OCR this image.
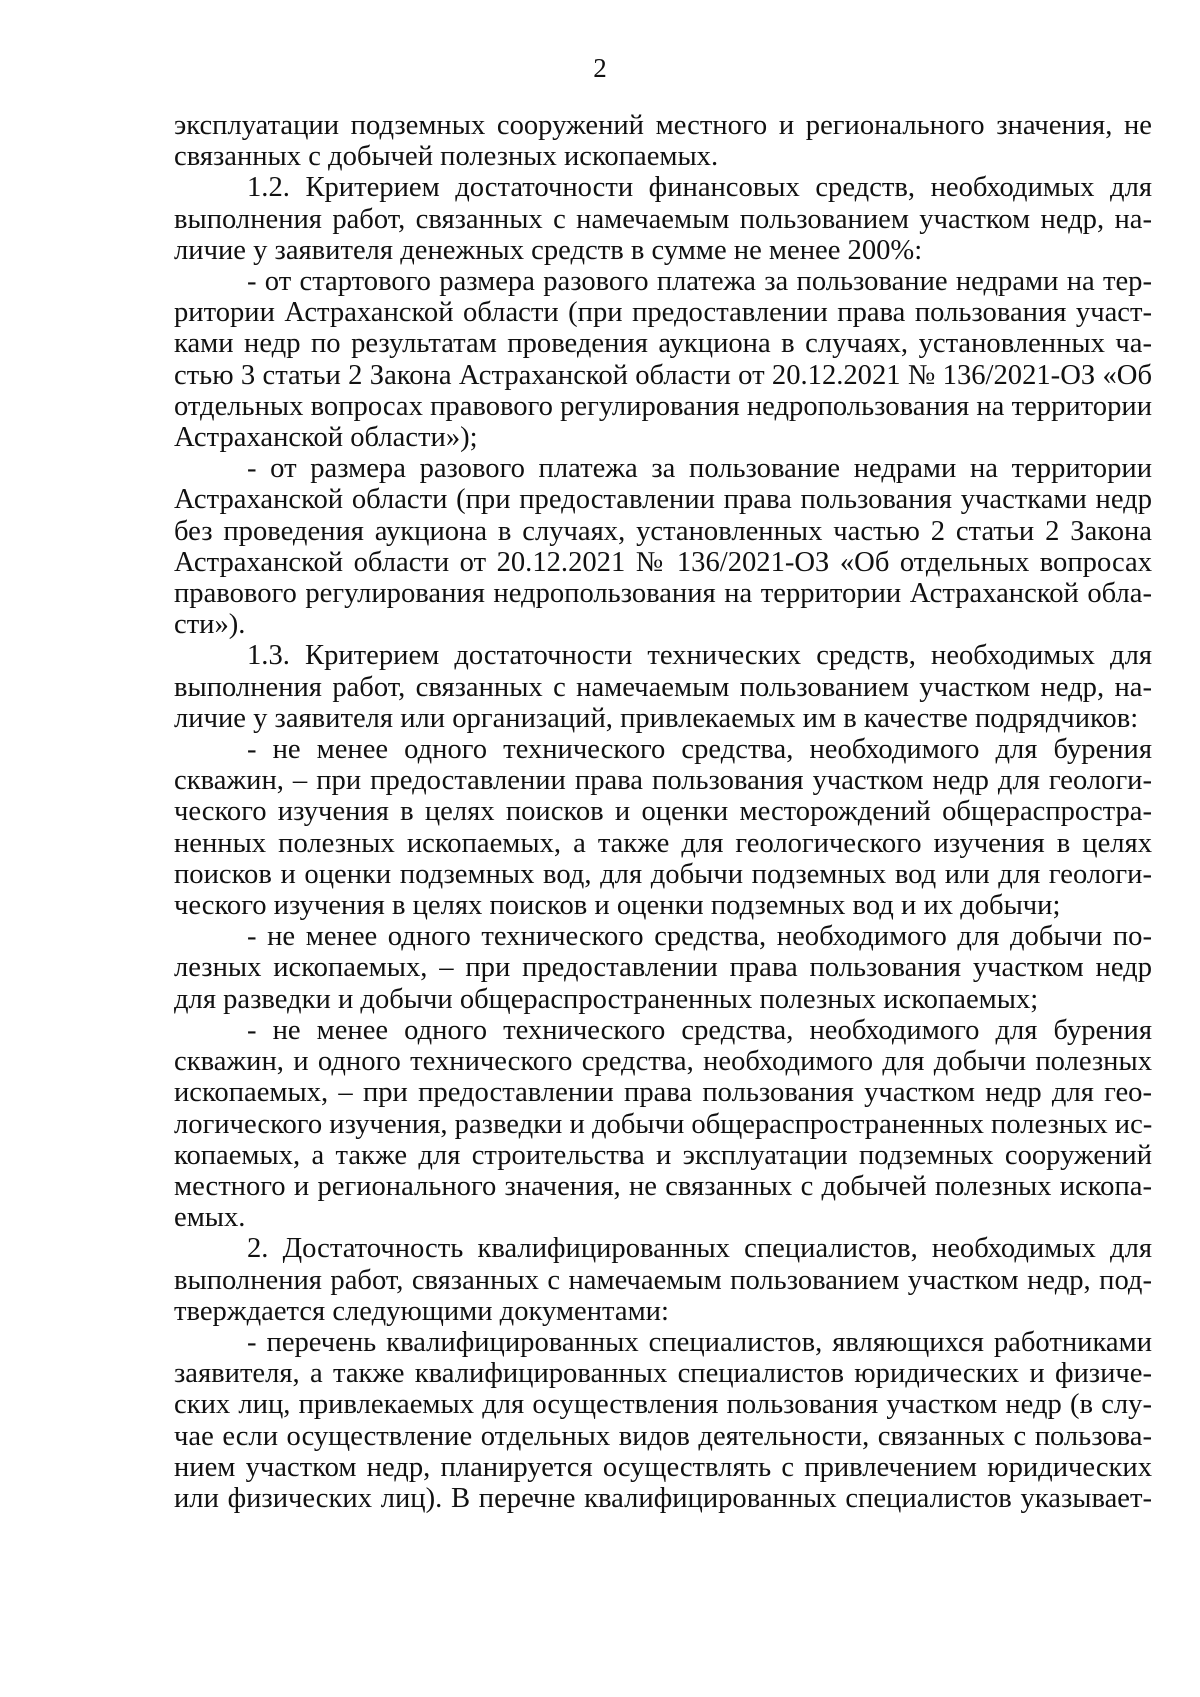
2
эксплуатации подземных сооружений местного и регионального значения, не
связанных с добычей полезных ископаемых.
1.2. Критерием достаточности финансовых средств, необходимых для
выполнения работ, связанных с намечаемым пользованием участком недр, на-
личие у заявителя денежных средств в сумме не менее 200%:
- от стартового размера разового платежа за пользование недрами на тер-
ритории Астраханской области (при предоставлении права пользования участ-
ками недр по результатам проведения аукциона в случаях, установленных ча-
стью 3 статьи 2 Закона Астраханской области от 20.12.2021 № 136/2021-ОЗ «Об
отдельных вопросах правового регулирования недропользования на территории
Астраханской области»);
- от размера разового платежа за пользование недрами на территории
Астраханской области (при предоставлении права пользования участками недр
без проведения аукциона в случаях, установленных частью 2 статьи 2 Закона
Астраханской области от 20.12.2021 № 136/2021-ОЗ «Об отдельных вопросах
правового регулирования недропользования на территории Астраханской обла-
сти»).
1.3. Критерием достаточности технических средств, необходимых для
выполнения работ, связанных с намечаемым пользованием участком недр, на-
личие у заявителя или организаций, привлекаемых им в качестве подрядчиков:
- не менее одного технического средства, необходимого для бурения
скважин, – при предоставлении права пользования участком недр для геологи-
ческого изучения в целях поисков и оценки месторождений общераспростра-
ненных полезных ископаемых, а также для геологического изучения в целях
поисков и оценки подземных вод, для добычи подземных вод или для геологи-
ческого изучения в целях поисков и оценки подземных вод и их добычи;
- не менее одного технического средства, необходимого для добычи по-
лезных ископаемых, – при предоставлении права пользования участком недр
для разведки и добычи общераспространенных полезных ископаемых;
- не менее одного технического средства, необходимого для бурения
скважин, и одного технического средства, необходимого для добычи полезных
ископаемых, – при предоставлении права пользования участком недр для гео-
логического изучения, разведки и добычи общераспространенных полезных ис-
копаемых, а также для строительства и эксплуатации подземных сооружений
местного и регионального значения, не связанных с добычей полезных ископа-
емых.
2. Достаточность квалифицированных специалистов, необходимых для
выполнения работ, связанных с намечаемым пользованием участком недр, под-
тверждается следующими документами:
- перечень квалифицированных специалистов, являющихся работниками
заявителя, а также квалифицированных специалистов юридических и физиче-
ских лиц, привлекаемых для осуществления пользования участком недр (в слу-
чае если осуществление отдельных видов деятельности, связанных с пользова-
нием участком недр, планируется осуществлять с привлечением юридических
или физических лиц). В перечне квалифицированных специалистов указывает-
